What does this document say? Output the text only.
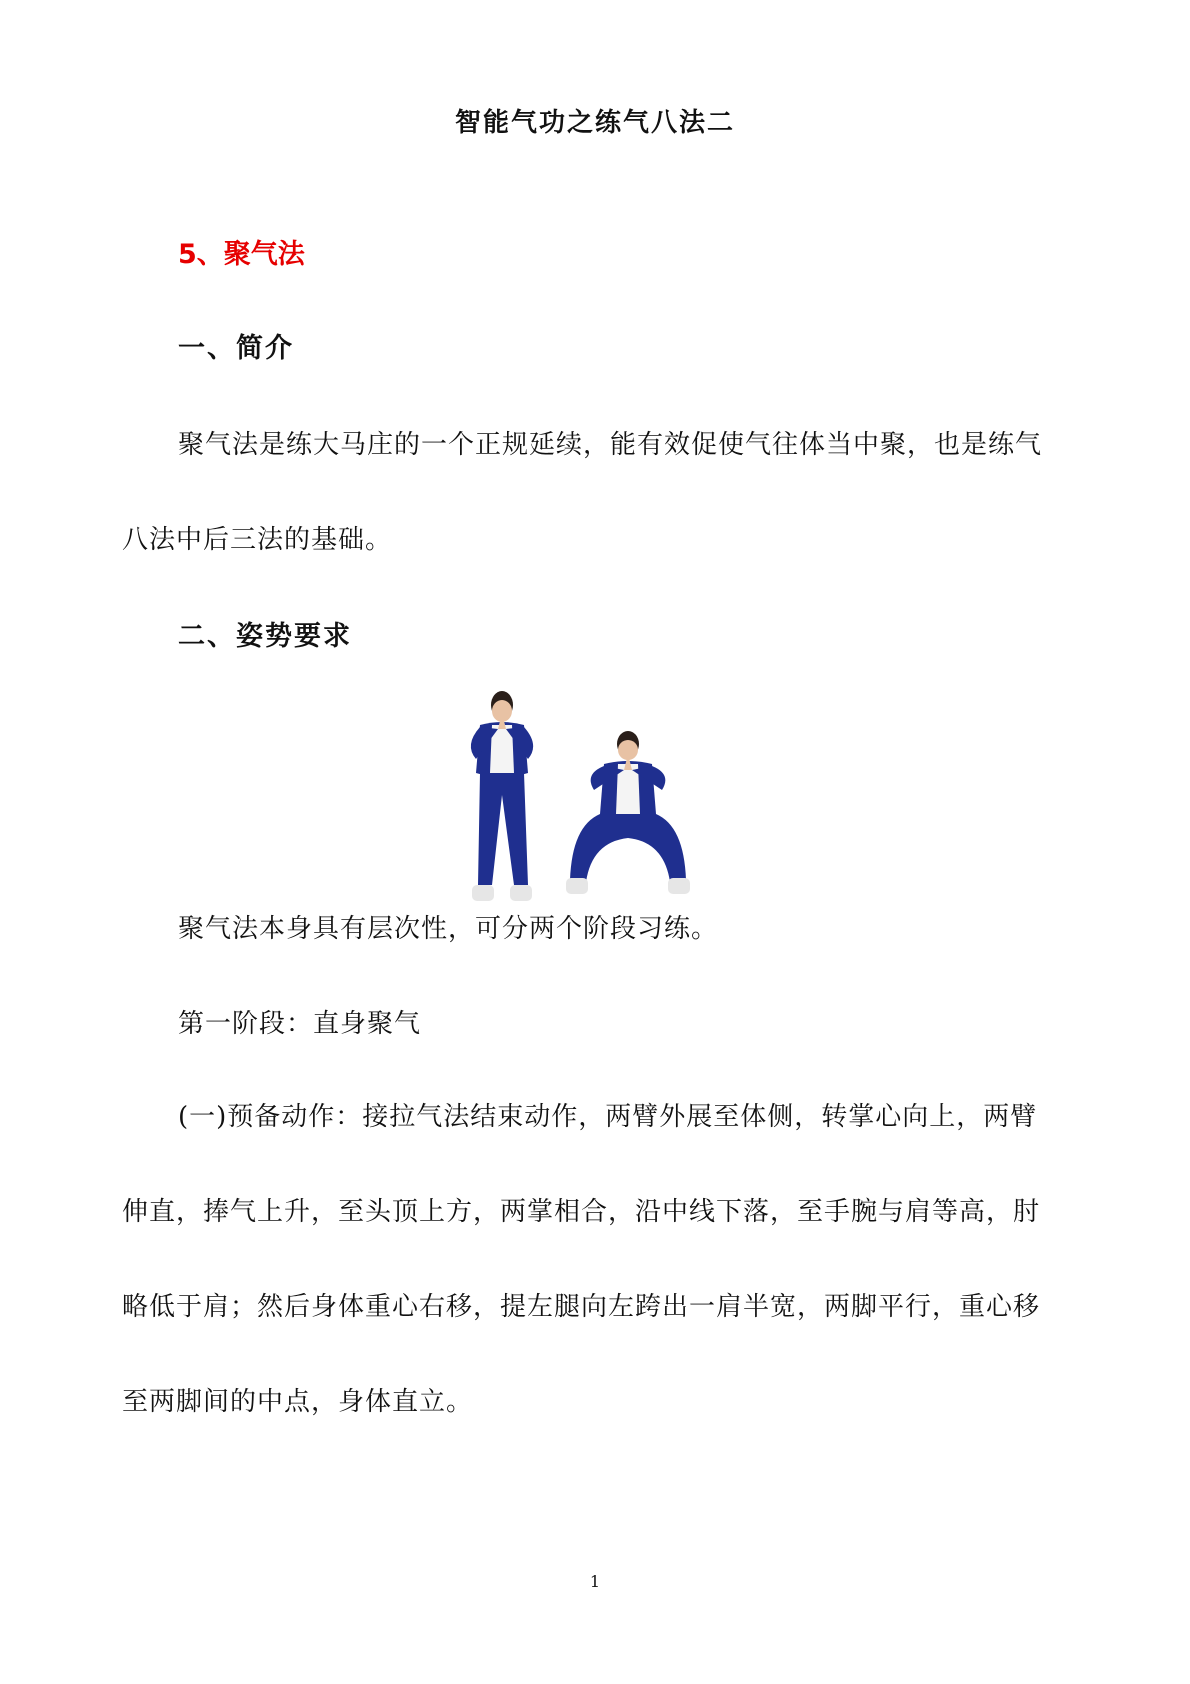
智能气功之练气八法二
5、聚气法
一、简介
聚气法是练大马庄的一个正规延续，能有效促使气往体当中聚，也是练气
八法中后三法的基础。
二、姿势要求
聚气法本身具有层次性，可分两个阶段习练。
第一阶段：直身聚气
(一)预备动作：接拉气法结束动作，两臂外展至体侧，转掌心向上，两臂
伸直，捧气上升，至头顶上方，两掌相合，沿中线下落，至手腕与肩等高，肘
略低于肩；然后身体重心右移，提左腿向左跨出一肩半宽，两脚平行，重心移
至两脚间的中点，身体直立。
1
